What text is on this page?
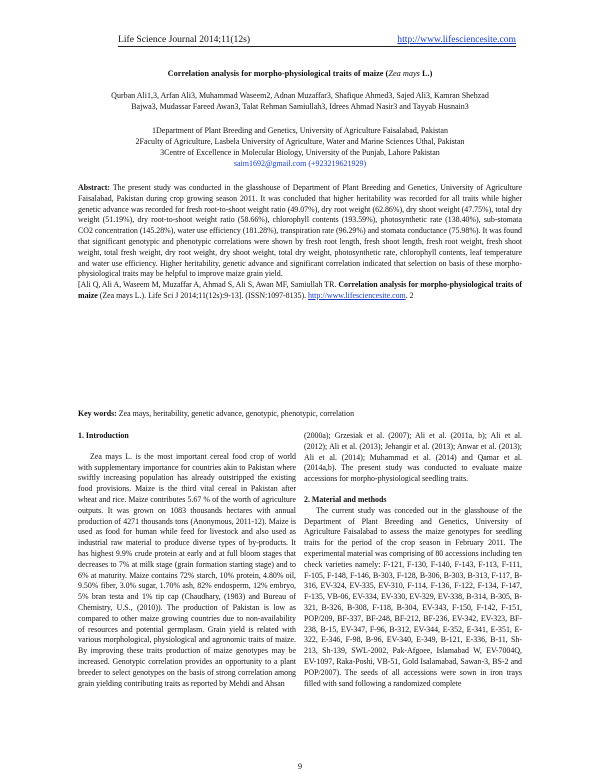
Life Science Journal 2014;11(12s)	http://www.lifesciencesite.com
Correlation analysis for morpho-physiological traits of maize (Zea mays L.)
Qurban Ali1,3, Arfan Ali3, Muhammad Waseem2, Adnan Muzaffar3, Shafique Ahmed3, Sajed Ali3, Kamran Shehzad
Bajwa3, Mudassar Fareed Awan3, Talat Rehman Samiullah3, Idrees Ahmad Nasir3 and Tayyab Husnain3
1Department of Plant Breeding and Genetics, University of Agriculture Faisalabad, Pakistan
2Faculty of Agriculture, Lasbela University of Agriculture, Water and Marine Sciences Uthal, Pakistan
3Centre of Excellence in Molecular Biology, University of the Punjab, Lahore Pakistan
saim1692@gmail.com (+923219621929)

Abstract: The present study was conducted in the glasshouse of Department of Plant Breeding and Genetics, University of Agriculture Faisalabad, Pakistan during crop growing season 2011. It was concluded that higher heritability was recorded for all traits while higher genetic advance was recorded for fresh root-to-shoot weight ratio (49.07%), dry root weight (62.86%), dry shoot weight (47.75%), total dry weight (51.19%), dry root-to-shoot weight ratio (58.66%), chlorophyll contents (193.59%), photosynthetic rate (138.40%), sub-stomata CO2 concentration (145.28%), water use efficiency (181.28%), transpiration rate (96.29%) and stomata conductance (75.98%). It was found that significant genotypic and phenotypic correlations were shown by fresh root length, fresh shoot length, fresh root weight, fresh shoot weight, total fresh weight, dry root weight, dry shoot weight, total dry weight, photosynthetic rate, chlorophyll contents, leaf temperature and water use efficiency. Higher heritability, genetic advance and significant correlation indicated that selection on basis of these morpho-physiological traits may be helpful to improve maize grain yield.

[Ali Q, Ali A, Waseem M, Muzaffar A, Ahmad S, Ali S, Awan MF, Samiullah TR. Correlation analysis for morpho-physiological traits of maize (Zea mays L.). Life Sci J 2014;11(12s):9-13]. (ISSN:1097-8135). http://www.lifesciencesite.com. 2

Key words: Zea mays, heritability, genetic advance, genotypic, phenotypic, correlation
1. Introduction

Zea mays L. is the most important cereal food crop of world with supplementary importance for countries akin to Pakistan where swiftly increasing population has already outstripped the existing food provisions. Maize is the third vital cereal in Pakistan after wheat and rice. Maize contributes 5.67 % of the worth of agriculture outputs. It was grown on 1083 thousands hectares with annual production of 4271 thousands tons (Anonymous, 2011-12). Maize is used as food for human while feed for livestock and also used as industrial raw material to produce diverse types of by-products. It has highest 9.9% crude protein at early and at full bloom stages that decreases to 7% at milk stage (grain formation starting stage) and to 6% at maturity. Maize contains 72% starch, 10% protein, 4.80% oil, 9.50% fiber, 3.0% sugar, 1.70% ash, 82% endosperm, 12% embryo, 5% bran testa and 1% tip cap (Chaudhary, (1983) and Bureau of Chemistry, U.S., (2010)). The production of Pakistan is low as compared to other maize growing countries due to non-availability of resources and potential germplasm. Grain yield is related with various morphological, physiological and agronomic traits of maize. By improving these traits production of maize genotypes may be increased. Genotypic correlation provides an opportunity to a plant breeder to select genotypes on the basis of strong correlation among grain yielding contributing traits as reported by Mehdi and Ahsan

(2000a); Grzesiak et al. (2007); Ali et al. (2011a, b); Ali et al. (2012); Ali et al. (2013); Jehangir et al. (2013); Anwar et al. (2013); Ali et al. (2014); Muhammad et al. (2014) and Qamar et al. (2014a,b). The present study was conducted to evaluate maize accessions for morpho-physiological seedling traits.

2. Material and methods

The current study was conceded out in the glasshouse of the Department of Plant Breeding and Genetics, University of Agriculture Faisalabad to assess the maize genotypes for seedling traits for the period of the crop season in February 2011. The experimental material was comprising of 80 accessions including ten check varieties namely: F-121, F-130, F-140, F-143, F-113, F-111, F-105, F-148, F-146, B-303, F-128, B-306, B-303, B-313, F-117, B-316, EV-324, EV-335, EV-310, F-114, F-136, F-122, F-134, F-147, F-135, VB-06, EV-334, EV-330, EV-329, EV-338, B-314, B-305, B-321, B-326, B-308, F-118, B-304, EV-343, F-150, F-142, F-151, POP/209, BF-337, BF-248, BF-212, BF-236, EV-342, EV-323, BF-238, B-15, EV-347, F-96, B-312, EV-344, E-352, E-341, E-351, E-322, E-346, F-98, B-96, EV-340, E-349, B-121, E-336, B-11, Sh-213, Sh-139, SWL-2002, Pak-Afgoee, Islamabad W, EV-7004Q, EV-1097, Raka-Poshi, VB-51, Gold Isalamabad, Sawan-3, BS-2 and POP/2007). The seeds of all accessions were sown in iron trays filled with sand following a randomized complete

9
